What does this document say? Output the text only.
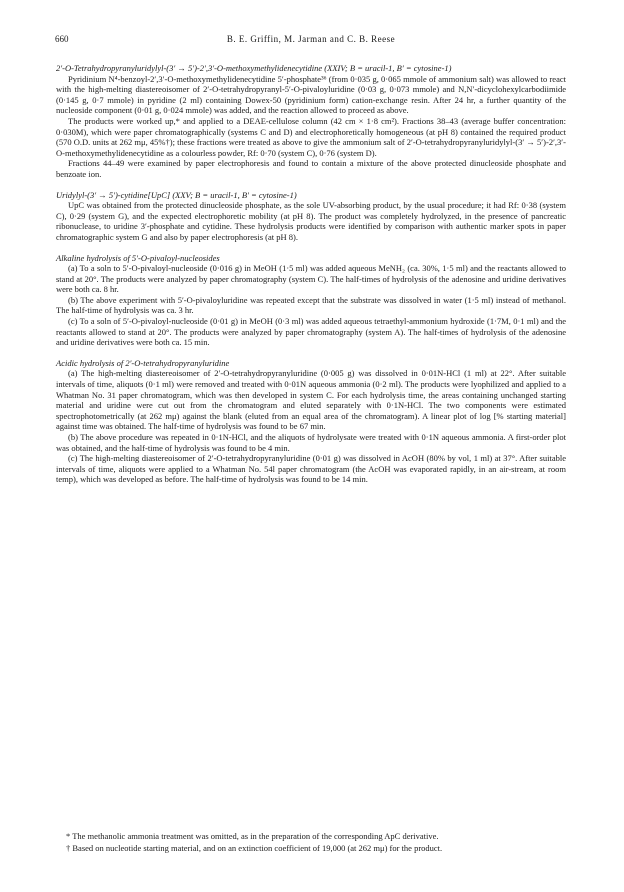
660	B. E. Griffin, M. Jarman and C. B. Reese

2′-O-Tetrahydropyranyluridylyl-(3′ → 5′)-2′,3′-O-methoxymethylidenecytidine (XXIV; B = uracil-1, B′ = cytosine-1)

Pyridinium N⁴-benzoyl-2′,3′-O-methoxymethylidenecytidine 5′-phosphate³⁶ (from 0·035 g, 0·065 mmole of ammonium salt) was allowed to react with the high-melting diastereoisomer of 2′-O-tetrahydropyranyl-5′-O-pivaloyluridine (0·03 g, 0·073 mmole) and N,N′-dicyclohexylcarbodiimide (0·145 g, 0·7 mmole) in pyridine (2 ml) containing Dowex-50 (pyridinium form) cation-exchange resin. After 24 hr, a further quantity of the nucleoside component (0·01 g, 0·024 mmole) was added, and the reaction allowed to proceed as above.

The products were worked up,* and applied to a DEAE-cellulose column (42 cm × 1·8 cm²). Fractions 38–43 (average buffer concentration: 0·030M), which were paper chromatographically (systems C and D) and electrophoretically homogeneous (at pH 8) contained the required product (570 O.D. units at 262 mμ, 45%†); these fractions were treated as above to give the ammonium salt of 2′-O-tetrahydropyranyluridylyl-(3′ → 5′)-2′,3′-O-methoxymethylidenecytidine as a colourless powder, Rf: 0·70 (system C), 0·76 (system D).

Fractions 44–49 were examined by paper electrophoresis and found to contain a mixture of the above protected dinucleoside phosphate and benzoate ion.

Uridylyl-(3′ → 5′)-cytidine[UpC] (XXV; B = uracil-1, B′ = cytosine-1)

UpC was obtained from the protected dinucleoside phosphate, as the sole UV-absorbing product, by the usual procedure; it had Rf: 0·38 (system C), 0·29 (system G), and the expected electrophoretic mobility (at pH 8). The product was completely hydrolyzed, in the presence of pancreatic ribonuclease, to uridine 3′-phosphate and cytidine. These hydrolysis products were identified by comparison with authentic marker spots in paper chromatographic system G and also by paper electrophoresis (at pH 8).

Alkaline hydrolysis of 5′-O-pivaloyl-nucleosides

(a) To a soln to 5′-O-pivaloyl-nucleoside (0·016 g) in MeOH (1·5 ml) was added aqueous MeNH₂ (ca. 30%, 1·5 ml) and the reactants allowed to stand at 20°. The products were analyzed by paper chromatography (system C). The half-times of hydrolysis of the adenosine and uridine derivatives were both ca. 8 hr.

(b) The above experiment with 5′-O-pivaloyluridine was repeated except that the substrate was dissolved in water (1·5 ml) instead of methanol. The half-time of hydrolysis was ca. 3 hr.

(c) To a soln of 5′-O-pivaloyl-nucleoside (0·01 g) in MeOH (0·3 ml) was added aqueous tetraethyl-ammonium hydroxide (1·7M, 0·1 ml) and the reactants allowed to stand at 20°. The products were analyzed by paper chromatography (system A). The half-times of hydrolysis of the adenosine and uridine derivatives were both ca. 15 min.

Acidic hydrolysis of 2′-O-tetrahydropyranyluridine

(a) The high-melting diastereoisomer of 2′-O-tetrahydropyranyluridine (0·005 g) was dissolved in 0·01N-HCl (1 ml) at 22°. After suitable intervals of time, aliquots (0·1 ml) were removed and treated with 0·01N aqueous ammonia (0·2 ml). The products were lyophilized and applied to a Whatman No. 31 paper chromatogram, which was then developed in system C. For each hydrolysis time, the areas containing unchanged starting material and uridine were cut out from the chromatogram and eluted separately with 0·1N-HCl. The two components were estimated spectrophotometrically (at 262 mμ) against the blank (eluted from an equal area of the chromatogram). A linear plot of log [% starting material] against time was obtained. The half-time of hydrolysis was found to be 67 min.

(b) The above procedure was repeated in 0·1N-HCl, and the aliquots of hydrolysate were treated with 0·1N aqueous ammonia. A first-order plot was obtained, and the half-time of hydrolysis was found to be 4 min.

(c) The high-melting diastereoisomer of 2′-O-tetrahydropyranyluridine (0·01 g) was dissolved in AcOH (80% by vol, 1 ml) at 37°. After suitable intervals of time, aliquots were applied to a Whatman No. 54l paper chromatogram (the AcOH was evaporated rapidly, in an air-stream, at room temp), which was developed as before. The half-time of hydrolysis was found to be 14 min.

* The methanolic ammonia treatment was omitted, as in the preparation of the corresponding ApC derivative.

† Based on nucleotide starting material, and on an extinction coefficient of 19,000 (at 262 mμ) for the product.
